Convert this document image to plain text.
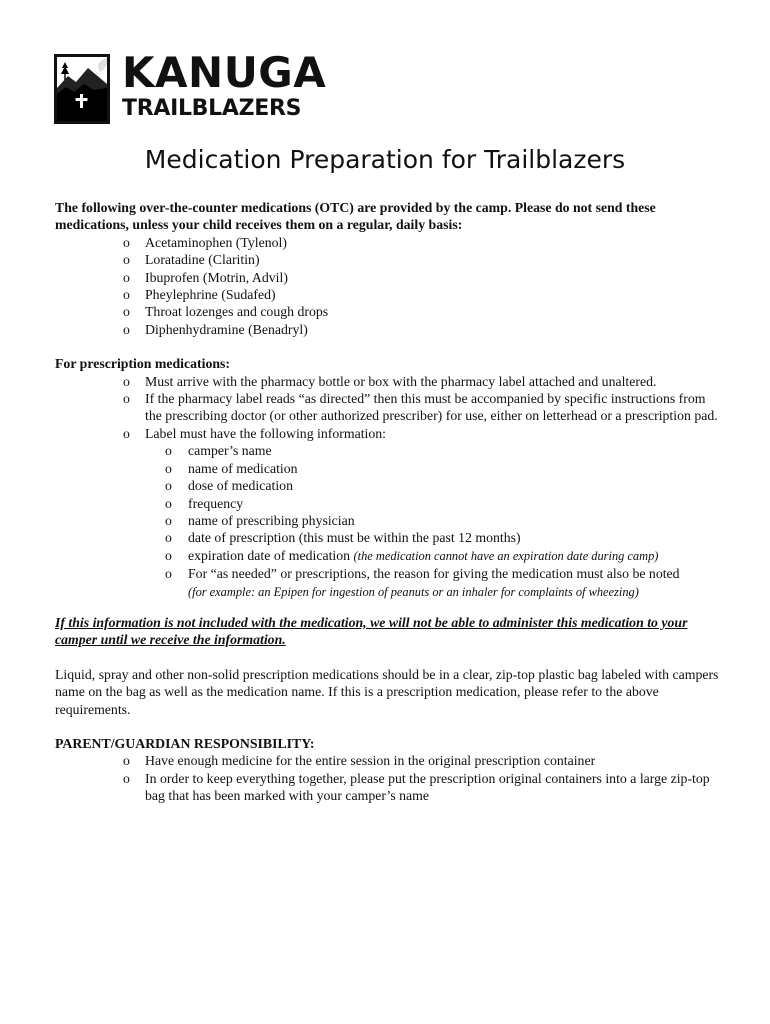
KANUGA
TRAILBLAZERS
Medication Preparation for Trailblazers

The following over-the-counter medications (OTC) are provided by the camp. Please do not send these medications, unless your child receives them on a regular, daily basis:

o Acetaminophen (Tylenol)
o Loratadine (Claritin)
o Ibuprofen (Motrin, Advil)
o Pheylephrine (Sudafed)
o Throat lozenges and cough drops
o Diphenhydramine (Benadryl)

For prescription medications:

o Must arrive with the pharmacy bottle or box with the pharmacy label attached and unaltered.
o If the pharmacy label reads “as directed” then this must be accompanied by specific instructions from the prescribing doctor (or other authorized prescriber) for use, either on letterhead or a prescription pad.
o Label must have the following information:
o camper’s name
o name of medication
o dose of medication
o frequency
o name of prescribing physician
o date of prescription (this must be within the past 12 months)
o expiration date of medication (the medication cannot have an expiration date during camp)
o For “as needed” or prescriptions, the reason for giving the medication must also be noted
(for example: an Epipen for ingestion of peanuts or an inhaler for complaints of wheezing)

If this information is not included with the medication, we will not be able to administer this medication to your camper until we receive the information.

Liquid, spray and other non-solid prescription medications should be in a clear, zip-top plastic bag labeled with campers name on the bag as well as the medication name. If this is a prescription medication, please refer to the above requirements.

PARENT/GUARDIAN RESPONSIBILITY:

o Have enough medicine for the entire session in the original prescription container
o In order to keep everything together, please put the prescription original containers into a large zip-top bag that has been marked with your camper’s name
